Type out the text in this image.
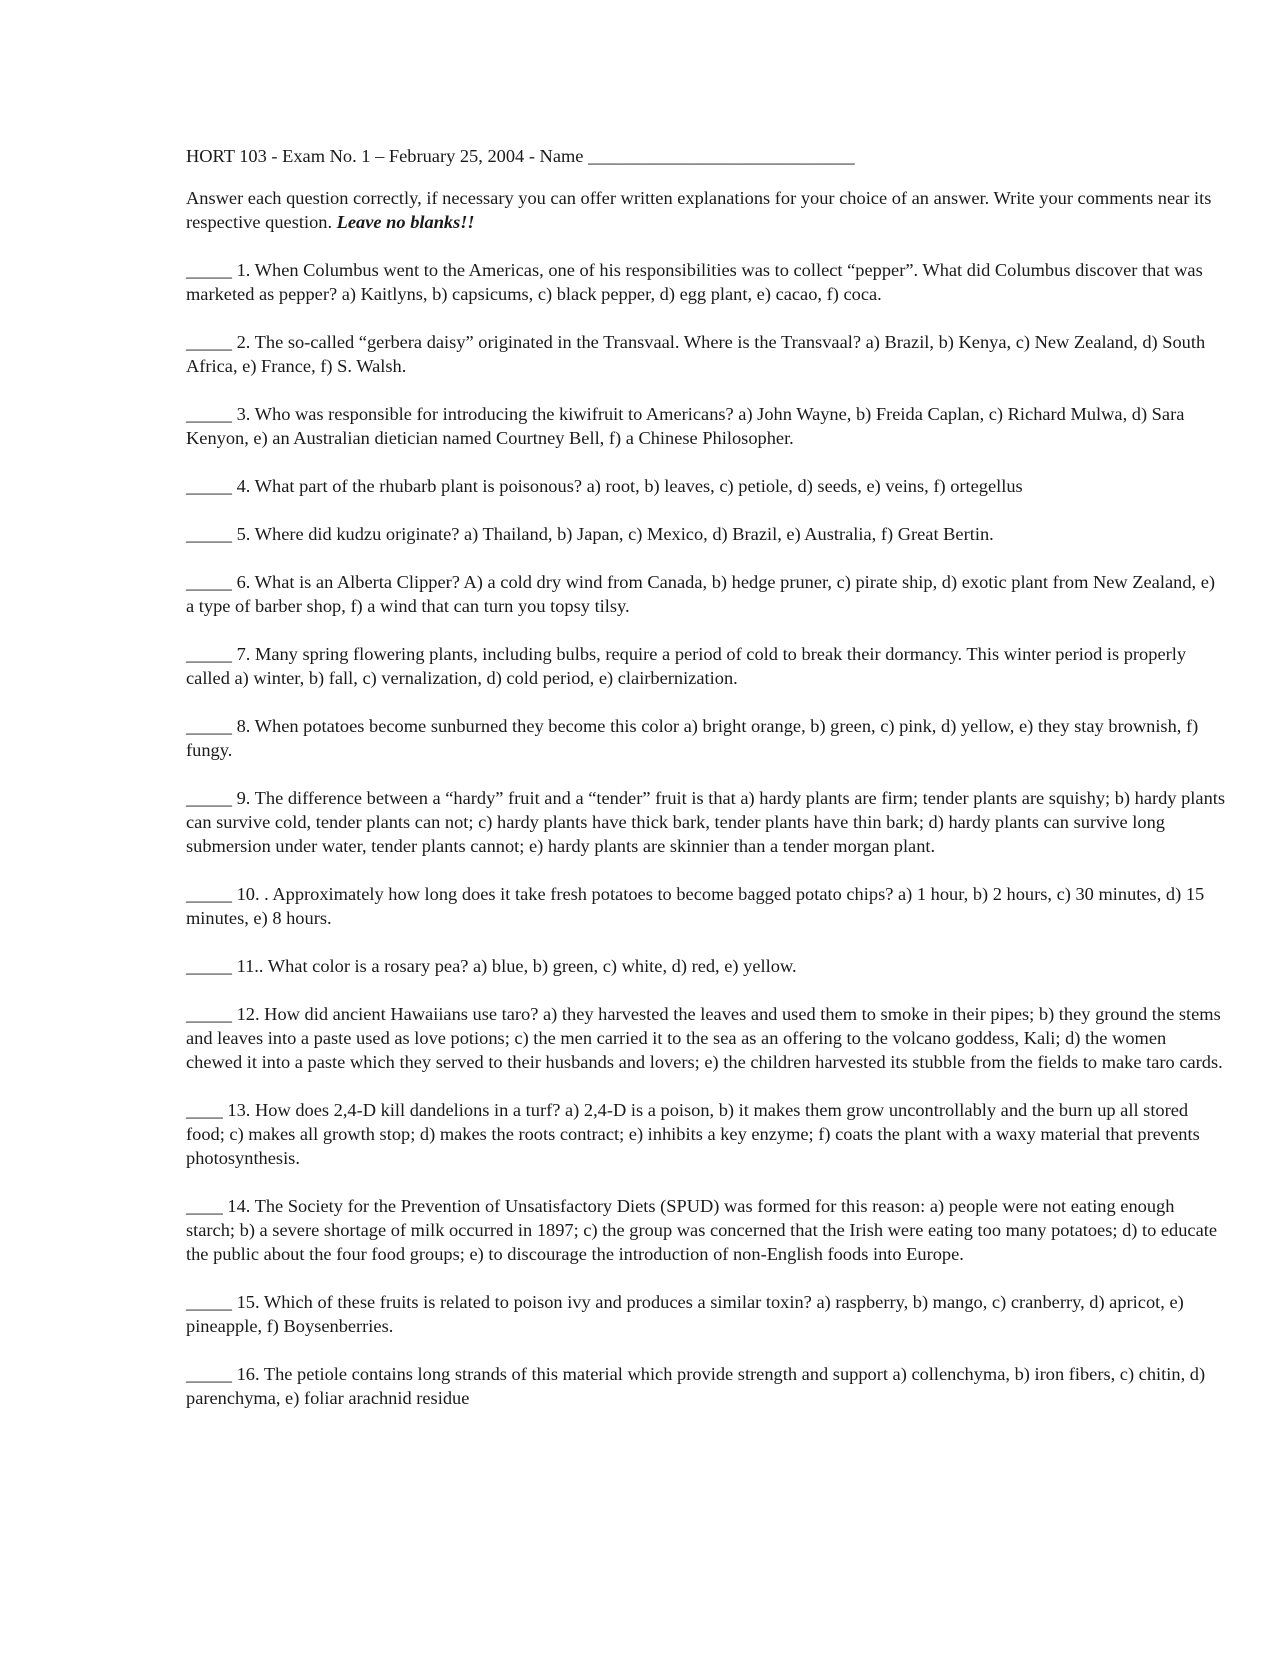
HORT 103 - Exam No. 1 – February 25, 2004 - Name _____________________________

Answer each question correctly, if necessary you can offer written explanations for your choice of an answer. Write your comments near its respective question. Leave no blanks!!

_____ 1. When Columbus went to the Americas, one of his responsibilities was to collect “pepper”. What did Columbus discover that was marketed as pepper? a) Kaitlyns, b) capsicums, c) black pepper, d) egg plant, e) cacao, f) coca.

_____ 2. The so-called “gerbera daisy” originated in the Transvaal. Where is the Transvaal? a) Brazil, b) Kenya, c) New Zealand, d) South Africa, e) France, f) S. Walsh.

_____ 3. Who was responsible for introducing the kiwifruit to Americans? a) John Wayne, b) Freida Caplan, c) Richard Mulwa, d) Sara Kenyon, e) an Australian dietician named Courtney Bell, f) a Chinese Philosopher.

_____ 4. What part of the rhubarb plant is poisonous? a) root, b) leaves, c) petiole, d) seeds, e) veins, f) ortegellus

_____ 5. Where did kudzu originate? a) Thailand, b) Japan, c) Mexico, d) Brazil, e) Australia, f) Great Bertin.

_____ 6. What is an Alberta Clipper? A) a cold dry wind from Canada, b) hedge pruner, c) pirate ship, d) exotic plant from New Zealand, e) a type of barber shop, f) a wind that can turn you topsy tilsy.

_____ 7. Many spring flowering plants, including bulbs, require a period of cold to break their dormancy. This winter period is properly called a) winter, b) fall, c) vernalization, d) cold period, e) clairbernization.

_____ 8. When potatoes become sunburned they become this color a) bright orange, b) green, c) pink, d) yellow, e) they stay brownish, f) fungy.

_____ 9. The difference between a “hardy” fruit and a “tender” fruit is that a) hardy plants are firm; tender plants are squishy; b) hardy plants can survive cold, tender plants can not; c) hardy plants have thick bark, tender plants have thin bark; d) hardy plants can survive long submersion under water, tender plants cannot; e) hardy plants are skinnier than a tender morgan plant.

_____ 10. . Approximately how long does it take fresh potatoes to become bagged potato chips? a) 1 hour, b) 2 hours, c) 30 minutes, d) 15 minutes, e) 8 hours.

_____ 11.. What color is a rosary pea? a) blue, b) green, c) white, d) red, e) yellow.

_____ 12. How did ancient Hawaiians use taro? a) they harvested the leaves and used them to smoke in their pipes; b) they ground the stems and leaves into a paste used as love potions; c) the men carried it to the sea as an offering to the volcano goddess, Kali; d) the women chewed it into a paste which they served to their husbands and lovers; e) the children harvested its stubble from the fields to make taro cards.

____ 13. How does 2,4-D kill dandelions in a turf? a) 2,4-D is a poison, b) it makes them grow uncontrollably and the burn up all stored food; c) makes all growth stop; d) makes the roots contract; e) inhibits a key enzyme; f) coats the plant with a waxy material that prevents photosynthesis.

____ 14. The Society for the Prevention of Unsatisfactory Diets (SPUD) was formed for this reason: a) people were not eating enough starch; b) a severe shortage of milk occurred in 1897; c) the group was concerned that the Irish were eating too many potatoes; d) to educate the public about the four food groups; e) to discourage the introduction of non-English foods into Europe.

_____ 15. Which of these fruits is related to poison ivy and produces a similar toxin? a) raspberry, b) mango, c) cranberry, d) apricot, e) pineapple, f) Boysenberries.

_____ 16. The petiole contains long strands of this material which provide strength and support a) collenchyma, b) iron fibers, c) chitin, d) parenchyma, e) foliar arachnid residue
